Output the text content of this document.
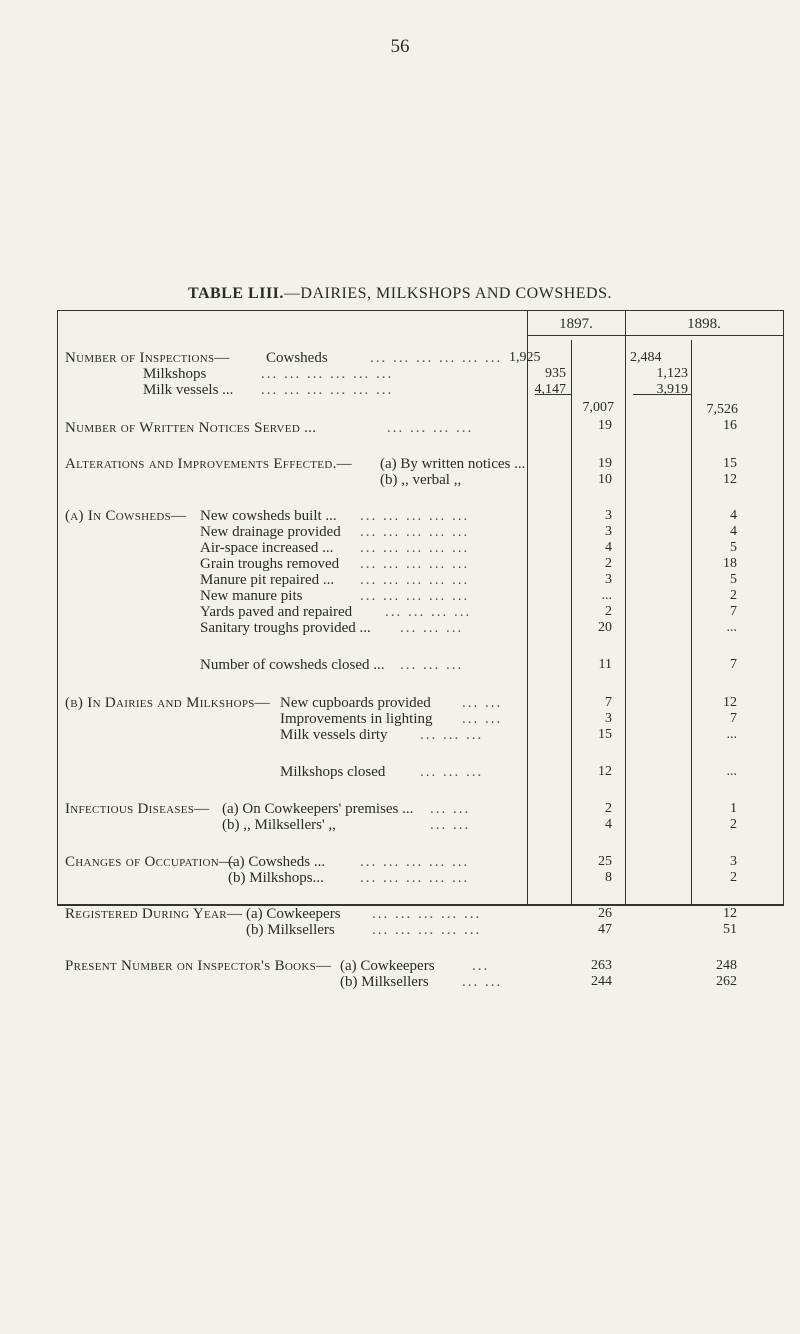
56
TABLE LIII.—DAIRIES, MILKSHOPS AND COWSHEDS.
1897.	1898.
Number of Inspections— Cowsheds	... ... ... ... ... ... 1,925	2,484
Milkshops	... ... ... ... ... ...	935	1,123
Milk vessels ... ... ... ... ... ... ...	4,147	3,919
7,007	7,526
Number of Written Notices Served ...	... ... ... ...	19	16
Alterations and Improvements Effected.— (a) By written notices ...	19	15
(b) ,, verbal ,,	10	12
(a) In Cowsheds— New cowsheds built ... ... ... ... ... ...	3	4
New drainage provided ... ... ... ... ...	3	4
Air-space increased ... ... ... ... ... ...	4	5
Grain troughs removed ... ... ... ... ...	2	18
Manure pit repaired ... ... ... ... ... ...	3	5
New manure pits	... ... ... ... ...	...	2
Yards paved and repaired ... ... ... ...	2	7
Sanitary troughs provided ... ... ... ...	20	...
Number of cowsheds closed ... ... ... ...	11	7
(b) In Dairies and Milkshops— New cupboards provided ... ...	7	12
Improvements in lighting ... ...	3	7
Milk vessels dirty ... ... ...	15	...
Milkshops closed ... ... ...	12	...
Infectious Diseases— (a) On Cowkeepers' premises ... ... ...	2	1
(b) ,, Milksellers' ,,	... ...	4	2
Changes of Occupation—
(a) Cowsheds ... ... ... ... ... ...	25	3
(b) Milkshops... ... ... ... ... ...	8	2
Registered During Year— (a) Cowkeepers ... ... ... ... ...	26	12
(b) Milksellers ... ... ... ... ...	47	51
Present Number on Inspector's Books— (a) Cowkeepers ...	263	248
(b) Milksellers ... ...	244	262
